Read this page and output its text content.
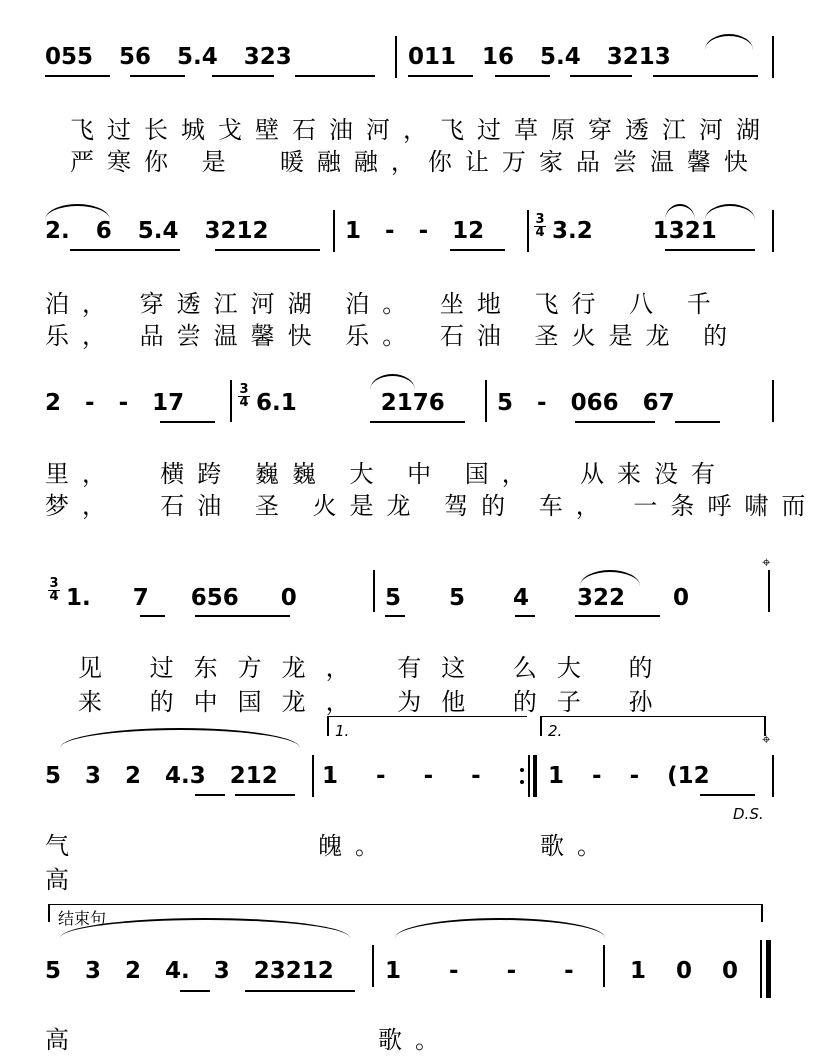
055 56 5.4 323	011 16 5.4 3213
飞过长城戈壁石油河，飞过草原穿透江河湖
严寒你 是  暖融融，你让万家品尝温馨快
2. 6 5.4 3212	1 - - 12	3
4 3.2  1321
泊， 穿透江河湖 泊。 坐地 飞行 八 千
乐， 品尝温馨快 乐。 石油 圣火是龙 的
2 - - 17
3
4 6.1  2176 5 - 066 67
里，  横跨 巍巍 大 中 国，  从来没有
梦，  石油 圣 火是龙 驾的 车， 一条呼啸而
3
4 1. 7 656 0	5 5 4 322 0
⌖
见 过东方龙， 有这 么大 的
来 的中国龙， 为他 的子 孙
1.	2.
5 3 2 4.3 212 1 - - -	1 - - (12
⌖
D.S.
气	魄。	歌。
高
结束句
5 3 2 4. 3 23212 1 - - - 1 0 0
高	歌。
